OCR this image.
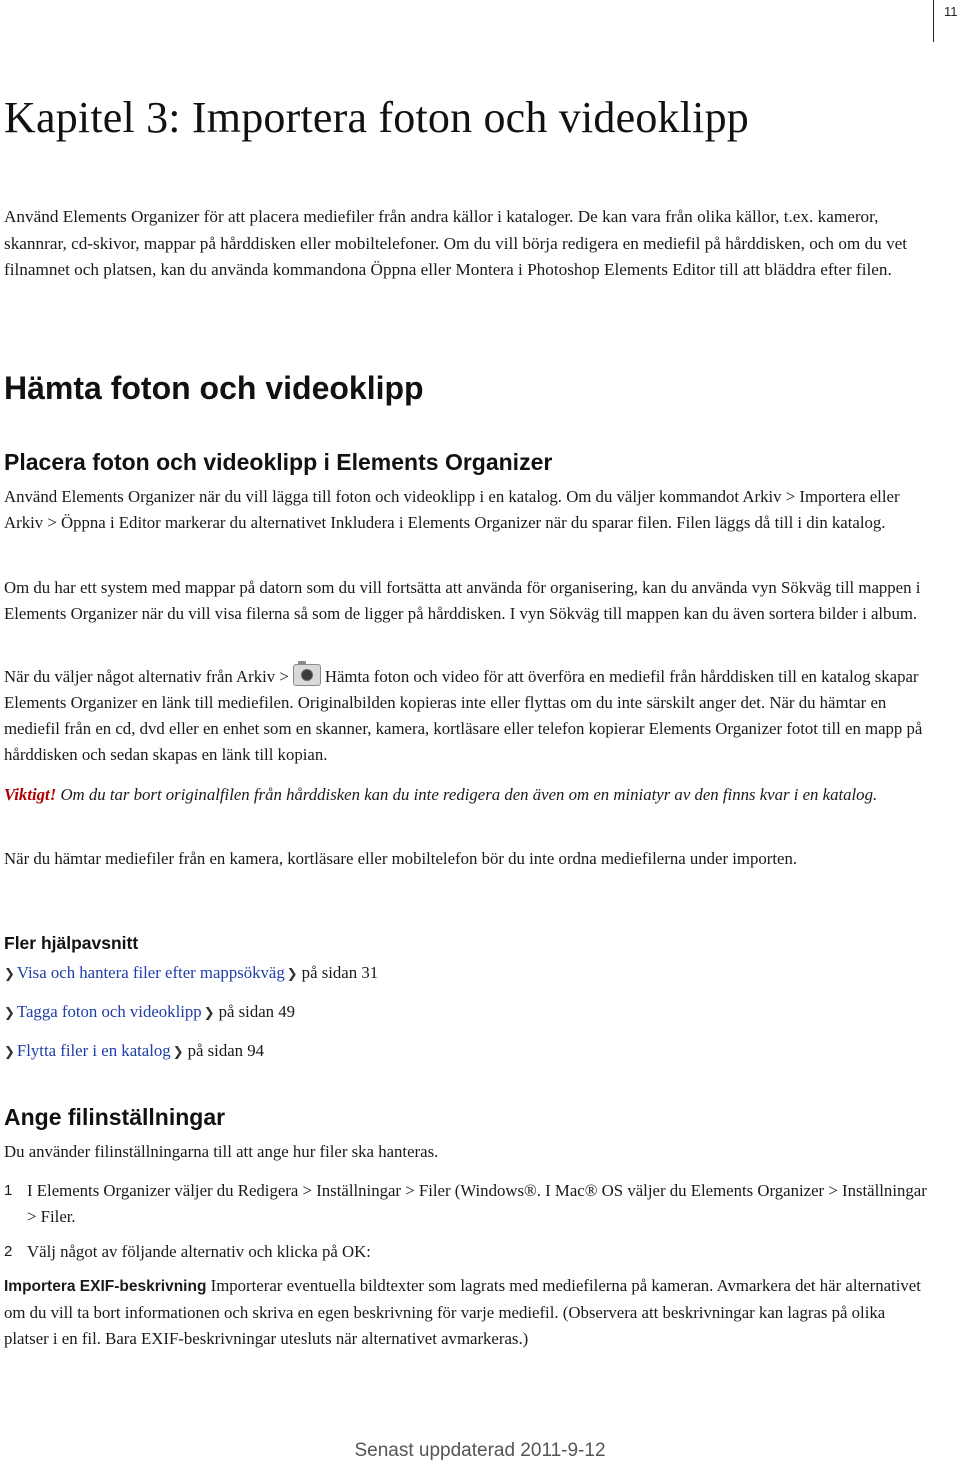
11
Kapitel 3: Importera foton och videoklipp

Använd Elements Organizer för att placera mediefiler från andra källor i kataloger. De kan vara från olika källor, t.ex. kameror, skannrar, cd-skivor, mappar på hårddisken eller mobiltelefoner. Om du vill börja redigera en mediefil på hårddisken, och om du vet filnamnet och platsen, kan du använda kommandona Öppna eller Montera i Photoshop Elements Editor till att bläddra efter filen.

Hämta foton och videoklipp
Placera foton och videoklipp i Elements Organizer

Använd Elements Organizer när du vill lägga till foton och videoklipp i en katalog. Om du väljer kommandot Arkiv > Importera eller Arkiv > Öppna i Editor markerar du alternativet Inkludera i Elements Organizer när du sparar filen. Filen läggs då till i din katalog.

Om du har ett system med mappar på datorn som du vill fortsätta att använda för organisering, kan du använda vyn Sökväg till mappen i Elements Organizer när du vill visa filerna så som de ligger på hårddisken. I vyn Sökväg till mappen kan du även sortera bilder i album.

När du väljer något alternativ från Arkiv > Hämta foton och video för att överföra en mediefil från hårddisken till en katalog skapar Elements Organizer en länk till mediefilen. Originalbilden kopieras inte eller flyttas om du inte särskilt anger det. När du hämtar en mediefil från en cd, dvd eller en enhet som en skanner, kamera, kortläsare eller telefon kopierar Elements Organizer fotot till en mapp på hårddisken och sedan skapas en länk till kopian.

Viktigt! Om du tar bort originalfilen från hårddisken kan du inte redigera den även om en miniatyr av den finns kvar i en katalog.

När du hämtar mediefiler från en kamera, kortläsare eller mobiltelefon bör du inte ordna mediefilerna under importen.

Fler hjälpavsnitt
❯ Visa och hantera filer efter mappsökväg ❯ på sidan 31
❯ Tagga foton och videoklipp ❯ på sidan 49
❯ Flytta filer i en katalog ❯ på sidan 94
Ange filinställningar

Du använder filinställningarna till att ange hur filer ska hanteras.

1 I Elements Organizer väljer du Redigera > Inställningar > Filer (Windows®. I Mac® OS väljer du Elements Organizer > Inställningar > Filer.
2 Välj något av följande alternativ och klicka på OK:

Importera EXIF-beskrivning Importerar eventuella bildtexter som lagrats med mediefilerna på kameran. Avmarkera det här alternativet om du vill ta bort informationen och skriva en egen beskrivning för varje mediefil. (Observera att beskrivningar kan lagras på olika platser i en fil. Bara EXIF-beskrivningar utesluts när alternativet avmarkeras.)

Senast uppdaterad 2011-9-12
